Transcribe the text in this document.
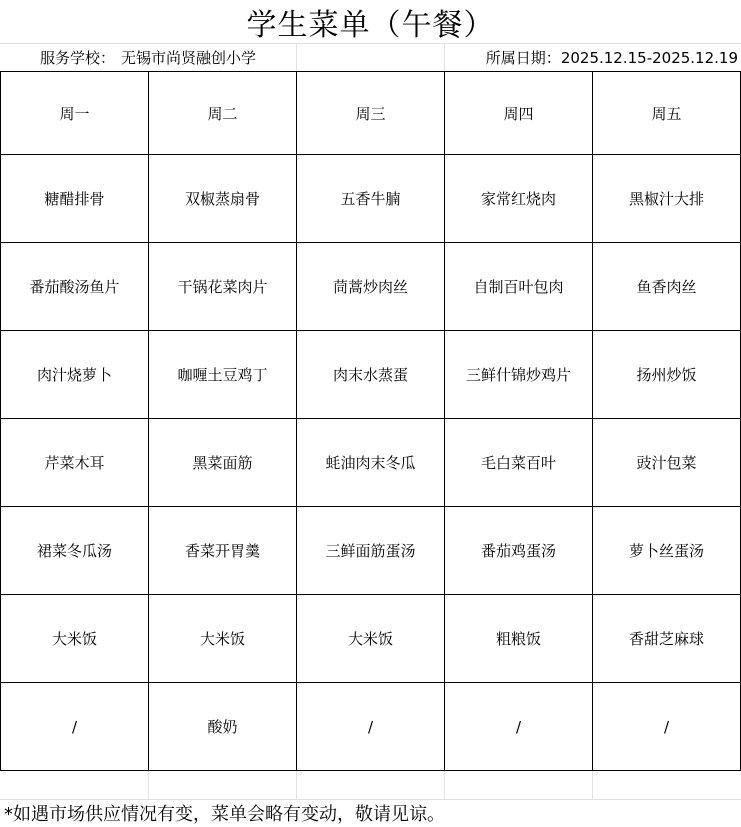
学生菜单（午餐）
服务学校： 无锡市尚贤融创小学	所属日期： 2025.12.15-2025.12.19
周一	周二	周三	周四	周五
糖醋排骨	双椒蒸扇骨	五香牛腩	家常红烧肉	黑椒汁大排
番茄酸汤鱼片	干锅花菜肉片	茼蒿炒肉丝	自制百叶包肉	鱼香肉丝
肉汁烧萝卜	咖喱土豆鸡丁	肉末水蒸蛋	三鲜什锦炒鸡片	扬州炒饭
芹菜木耳	黑菜面筋	蚝油肉末冬瓜	毛白菜百叶	豉汁包菜
裙菜冬瓜汤	香菜开胃羹	三鲜面筋蛋汤	番茄鸡蛋汤	萝卜丝蛋汤
大米饭	大米饭	大米饭	粗粮饭	香甜芝麻球
/	酸奶	/	/	/
*如遇市场供应情况有变，菜单会略有变动，敬请见谅。
